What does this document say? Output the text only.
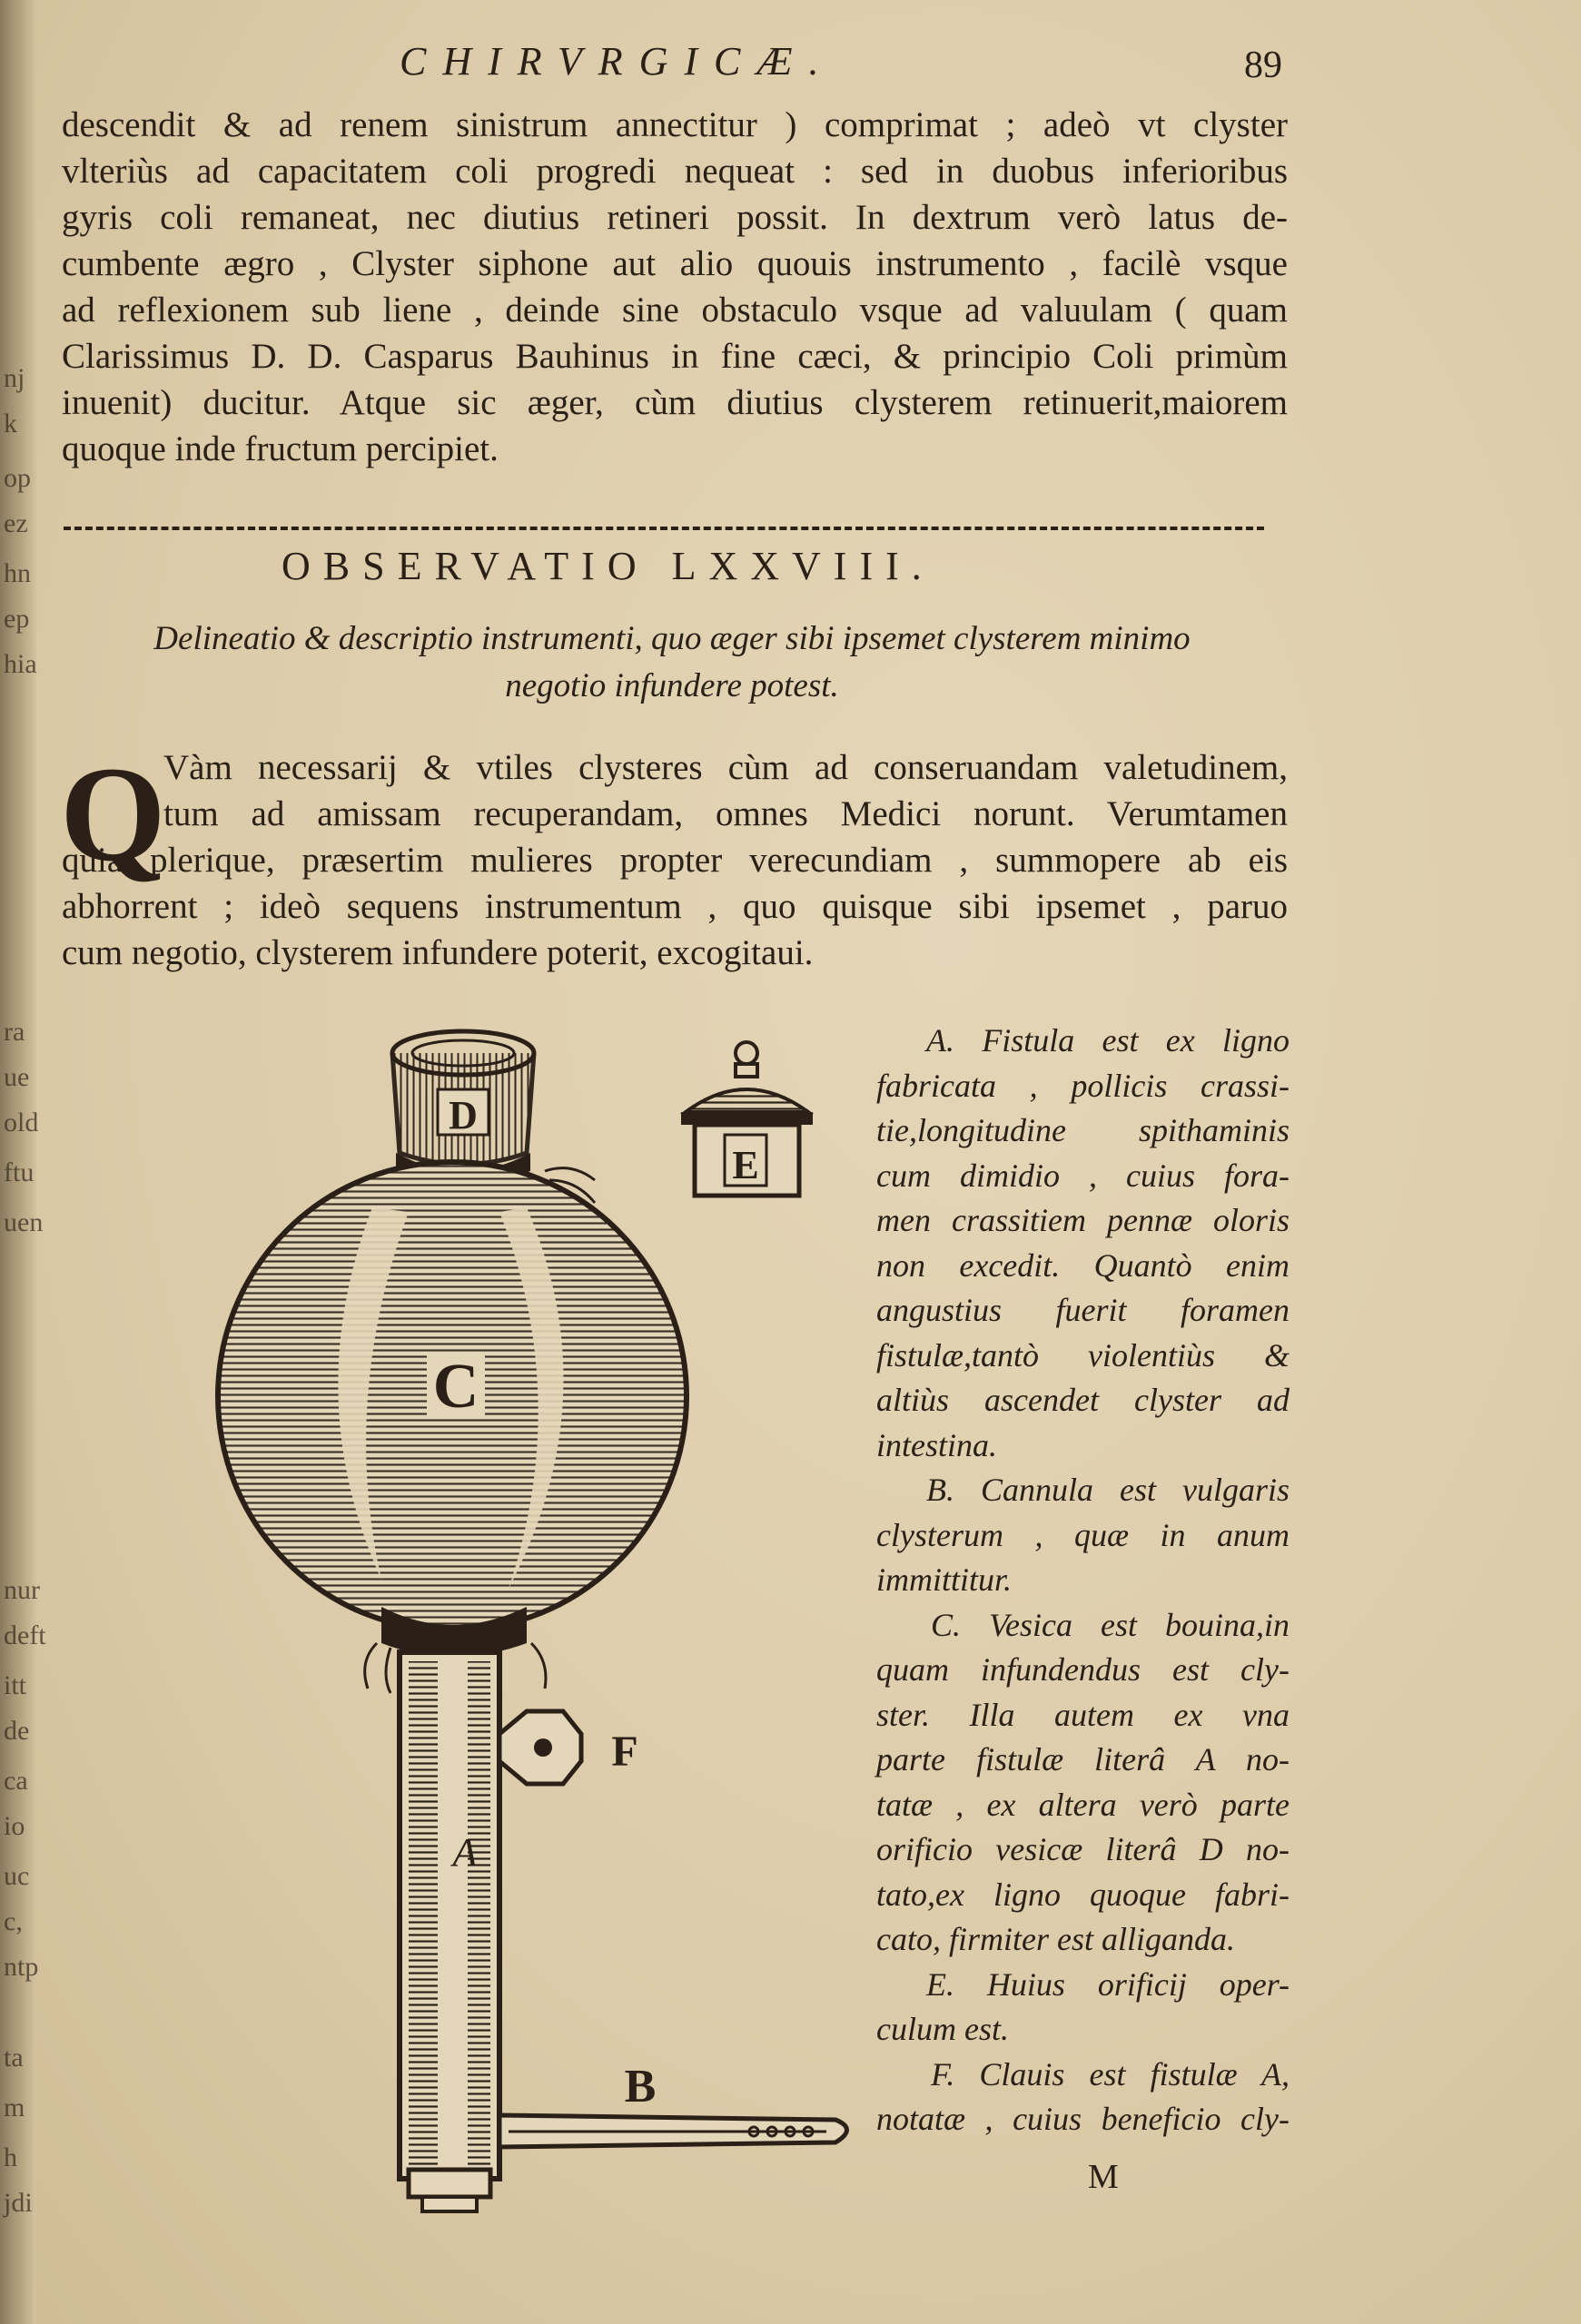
nj
k
op
ez
hn
ep
hia
ra
ue
old
ftu
uen
nur
deft
itt
de
ca
io
uc
c,
ntp
ta
m
h
jdi
CHIRVRGICÆ.	89
descendit & ad renem sinistrum annectitur ) comprimat ; adeò vt clyster
vlteriùs ad capacitatem coli progredi nequeat : sed in duobus inferioribus
gyris coli remaneat, nec diutius retineri possit. In dextrum verò latus de-
cumbente ægro , Clyster siphone aut alio quouis instrumento , facilè vsque
ad reflexionem sub liene , deinde sine obstaculo vsque ad valuulam ( quam
Clarissimus D. D. Casparus Bauhinus in fine cæci, & principio Coli primùm
inuenit) ducitur. Atque sic æger, cùm diutius clysterem retinuerit,maiorem
quoque inde fructum percipiet.
OBSERVATIO LXXVIII.
Delineatio & descriptio instrumenti, quo æger sibi ipsemet clysterem minimo
negotio infundere potest.
Q
Vàm necessarij & vtiles clysteres cùm ad conseruandam valetudinem,
tum ad amissam recuperandam, omnes Medici norunt. Verumtamen
quia plerique, præsertim mulieres propter verecundiam , summopere ab eis
abhorrent ; ideò sequens instrumentum , quo quisque sibi ipsemet , paruo
cum negotio, clysterem infundere poterit, excogitaui.
D
C
A
F
B
E
A. Fistula est ex ligno
fabricata , pollicis crassi-
tie,longitudine spithaminis
cum dimidio , cuius fora-
men crassitiem pennæ oloris
non excedit. Quantò enim
angustius fuerit foramen
fistulæ,tantò violentiùs &
altiùs ascendet clyster ad
intestina.
B. Cannula est vulgaris
clysterum , quæ in anum
immittitur.
C. Vesica est bouina,in
quam infundendus est cly-
ster. Illa autem ex vna
parte fistulæ literâ A no-
tatæ , ex altera verò parte
orificio vesicæ literâ D no-
tato,ex ligno quoque fabri-
cato, firmiter est alliganda.
E. Huius orificij oper-
culum est.
F. Clauis est fistulæ A,
notatæ , cuius beneficio cly-
M
